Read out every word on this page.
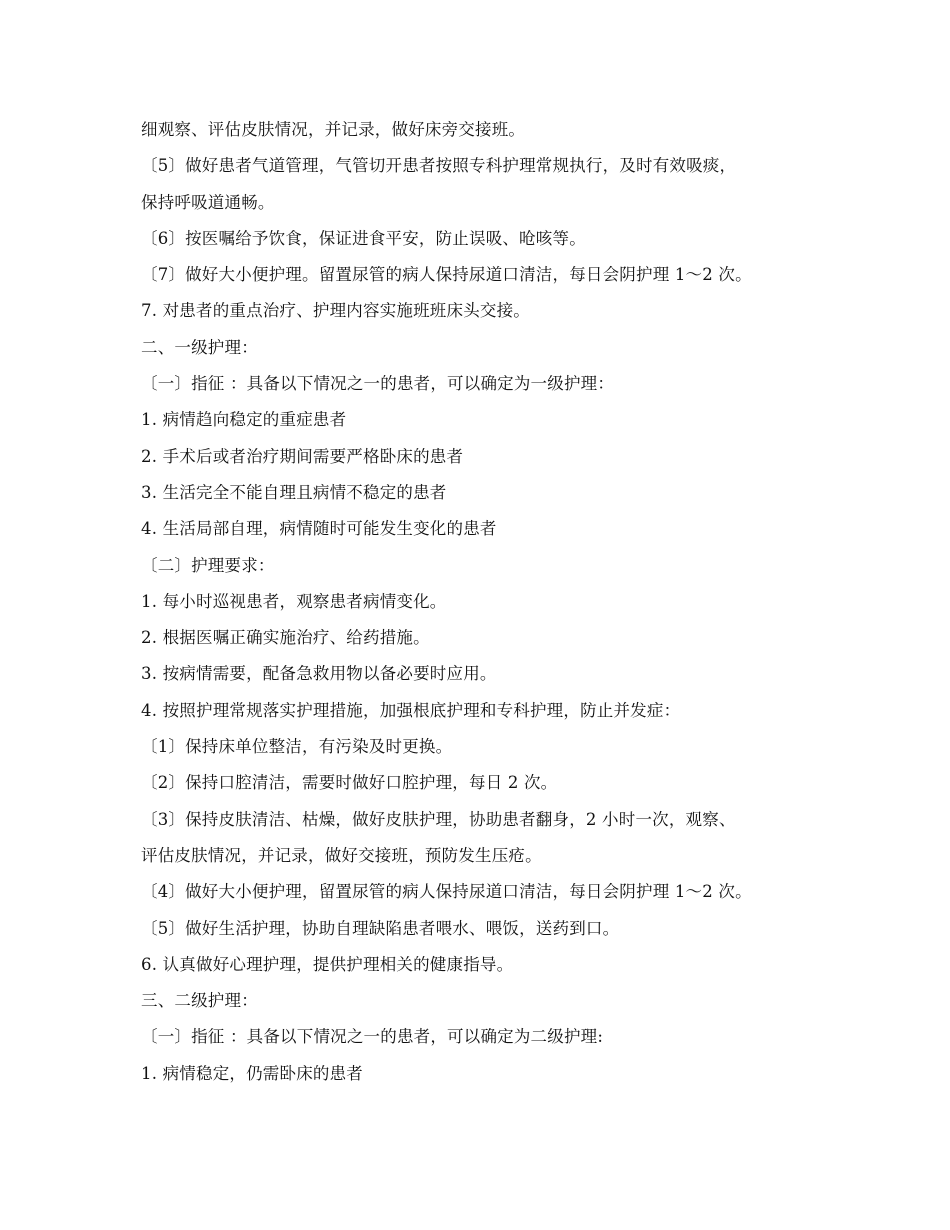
细观察、评估皮肤情况，并记录，做好床旁交接班。
〔5〕做好患者气道管理，气管切开患者按照专科护理常规执行，及时有效吸痰，
保持呼吸道通畅。
〔6〕按医嘱给予饮食，保证进食平安，防止误吸、呛咳等。
〔7〕做好大小便护理。留置尿管的病人保持尿道口清洁，每日会阴护理 1～2 次。
7. 对患者的重点治疗、护理内容实施班班床头交接。
二、一级护理：
〔一〕指征 ：具备以下情况之一的患者，可以确定为一级护理：
1. 病情趋向稳定的重症患者
2. 手术后或者治疗期间需要严格卧床的患者
3. 生活完全不能自理且病情不稳定的患者
4. 生活局部自理，病情随时可能发生变化的患者
〔二〕护理要求：
1. 每小时巡视患者，观察患者病情变化。
2. 根据医嘱正确实施治疗、给药措施。
3. 按病情需要，配备急救用物以备必要时应用。
4. 按照护理常规落实护理措施，加强根底护理和专科护理，防止并发症：
〔1〕保持床单位整洁，有污染及时更换。
〔2〕保持口腔清洁，需要时做好口腔护理，每日 2 次。
〔3〕保持皮肤清洁、枯燥，做好皮肤护理，协助患者翻身，2 小时一次，观察、
评估皮肤情况，并记录，做好交接班，预防发生压疮。
〔4〕做好大小便护理，留置尿管的病人保持尿道口清洁，每日会阴护理 1～2 次。
〔5〕做好生活护理，协助自理缺陷患者喂水、喂饭，送药到口。
6. 认真做好心理护理，提供护理相关的健康指导。
三、二级护理：
〔一〕指征 ：具备以下情况之一的患者，可以确定为二级护理:
1. 病情稳定，仍需卧床的患者
